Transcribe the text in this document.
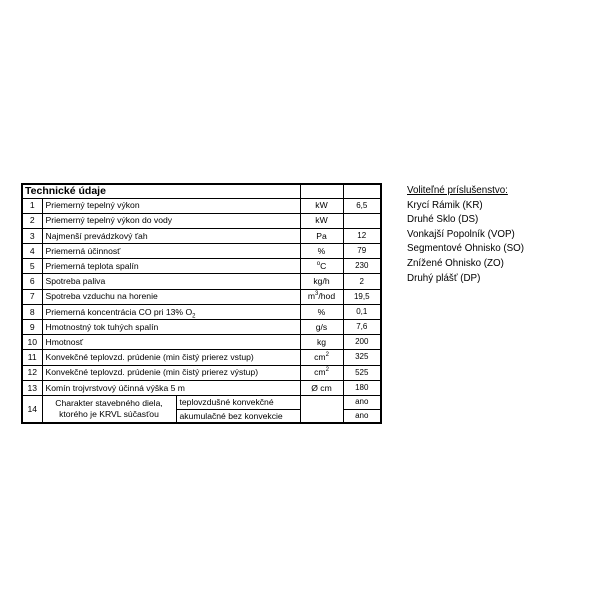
Technické údaje				
1	Priemerný tepelný výkon		kW	6,5
2	Priemerný tepelný výkon do vody		kW	
3	Najmenší prevádzkový ťah		Pa	12
4	Priemerná účinnosť		%	79
5	Priemerná teplota spalín		$^o$C	230
6	Spotreba paliva		kg/h	2
7	Spotreba vzduchu na horenie		$m^3$/hod	19,5
8	Priemerná koncentrácia CO pri 13% $O_2$		%	0,1
9	Hmotnostný tok tuhých spalín		g/s	7,6
10	Hmotnosť		kg	200
11	Konvekčné teplovzd. prúdenie (min čistý prierez vstup)		$cm^2$	325
12	Konvekčné teplovzd. prúdenie (min čistý prierez výstup)		$cm^2$	525
13	Komín trojvrstvový účinná výška 5 m		Ø cm	180
14	Charakter stavebného diela, ktorého je KRVL súčasťou	teplovzdušné konvekčné		ano
		akumulačné bez konvekcie		ano
Voliteľné príslušenstvo:
Krycí Rámik (KR)
Druhé Sklo (DS)
Vonkajší Popolník (VOP)
Segmentové Ohnisko (SO)
Znížené Ohnisko (ZO)
Druhý plášť (DP)
